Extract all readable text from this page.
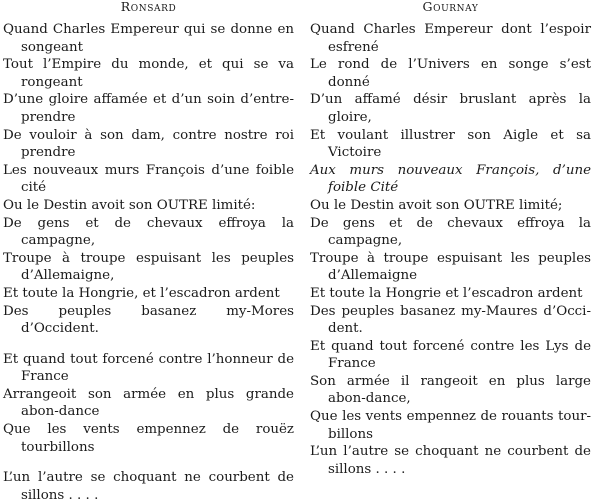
Ronsard
Quand Charles Empereur qui se donne en songeant
Tout l’Empire du monde, et qui se va rongeant
D’une gloire affamée et d’un soin d’entre-prendre
De vouloir à son dam, contre nostre roi prendre
Les nouveaux murs François d’une foible cité
Ou le Destin avoit son OUTRE limité:
De gens et de chevaux effroya la campagne,
Troupe à troupe espuisant les peuples d’Allemaigne,
Et toute la Hongrie, et l’escadron ardent
Des peuples basanez my-Mores d’Occident.
Et quand tout forcené contre l’honneur de France
Arrangeoit son armée en plus grande abon-dance
Que les vents empennez de rouëz tourbillons
L’un l’autre se choquant ne courbent de sillons . . . .
Gournay
Quand Charles Empereur dont l’espoir esfrené
Le rond de l’Univers en songe s’est donné
D’un affamé désir bruslant après la gloire,
Et voulant illustrer son Aigle et sa Victoire
Aux murs nouveaux François, d’une foible Cité
Ou le Destin avoit son OUTRE limité;
De gens et de chevaux effroya la campagne,
Troupe à troupe espuisant les peuples d’Allemaigne
Et toute la Hongrie et l’escadron ardent
Des peuples basanez my-Maures d’Occi-dent.
Et quand tout forcené contre les Lys de France
Son armée il rangeoit en plus large abon-dance,
Que les vents empennez de rouants tour-billons
L’un l’autre se choquant ne courbent de sillons . . . .
